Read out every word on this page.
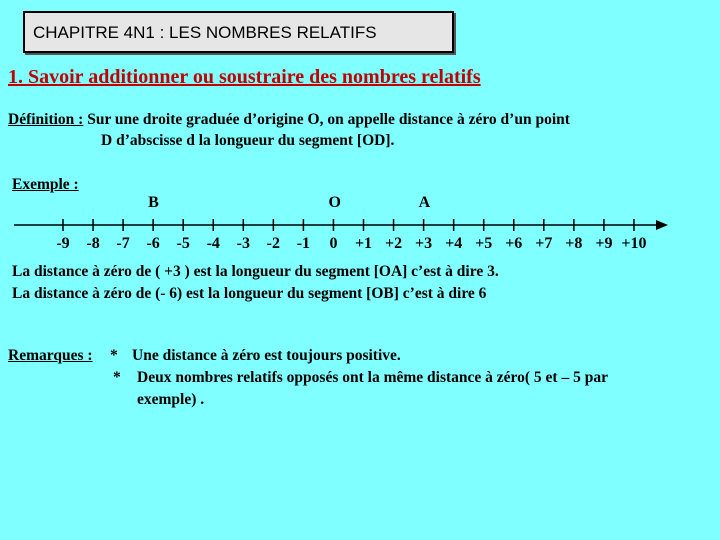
CHAPITRE 4N1 : LES NOMBRES RELATIFS
1. Savoir additionner ou soustraire des nombres relatifs
Définition : Sur une droite graduée d’origine O, on appelle distance à zéro d’un point
D d’abscisse d la longueur du segment [OD].
Exemple :
B	O	A
-9 -8 -7 -6 -5 -4 -3 -2 -1 0 +1 +2 +3 +4 +5 +6 +7 +8 +9 +10
La distance à zéro de ( +3 ) est la longueur du segment [OA] c’est à dire 3.
La distance à zéro de (- 6) est la longueur du segment [OB] c’est à dire 6
Remarques : * Une distance à zéro est toujours positive.
* Deux nombres relatifs opposés ont la même distance à zéro( 5 et – 5 par
exemple) .
